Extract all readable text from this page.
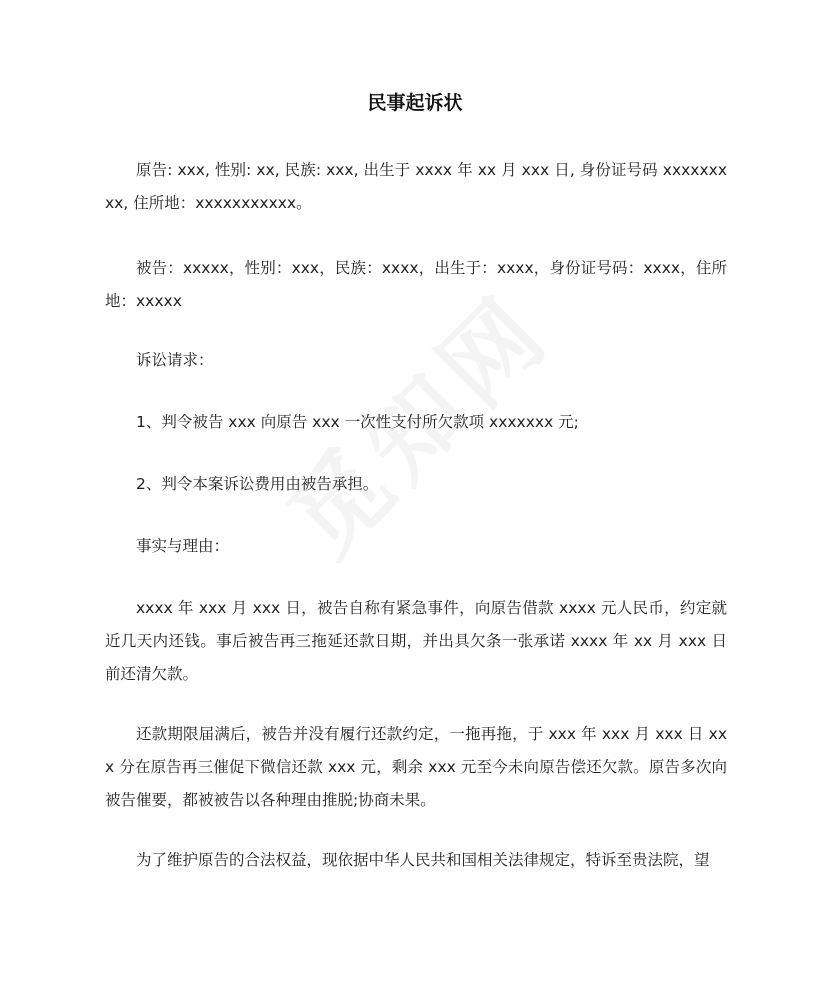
民事起诉状
原告: xxx, 性别: xx, 民族: xxx, 出生于 xxxx 年 xx 月 xxx 日, 身份证号码 xxxxxxxxx, 住所地：xxxxxxxxxxx。
被告：xxxxx，性别：xxx，民族：xxxx，出生于：xxxx，身份证号码：xxxx，住所地：xxxxx
诉讼请求：
1、判令被告 xxx 向原告 xxx 一次性支付所欠款项 xxxxxxx 元;
2、判令本案诉讼费用由被告承担。
事实与理由：
xxxx 年 xxx 月 xxx 日，被告自称有紧急事件，向原告借款 xxxx 元人民币，约定就近几天内还钱。事后被告再三拖延还款日期，并出具欠条一张承诺 xxxx 年 xx 月 xxx 日前还清欠款。
还款期限届满后，被告并没有履行还款约定，一拖再拖，于 xxx 年 xxx 月 xxx 日 xxx 分在原告再三催促下微信还款 xxx 元，剩余 xxx 元至今未向原告偿还欠款。原告多次向被告催要，都被被告以各种理由推脱;协商未果。
为了维护原告的合法权益，现依据中华人民共和国相关法律规定，特诉至贵法院，望
